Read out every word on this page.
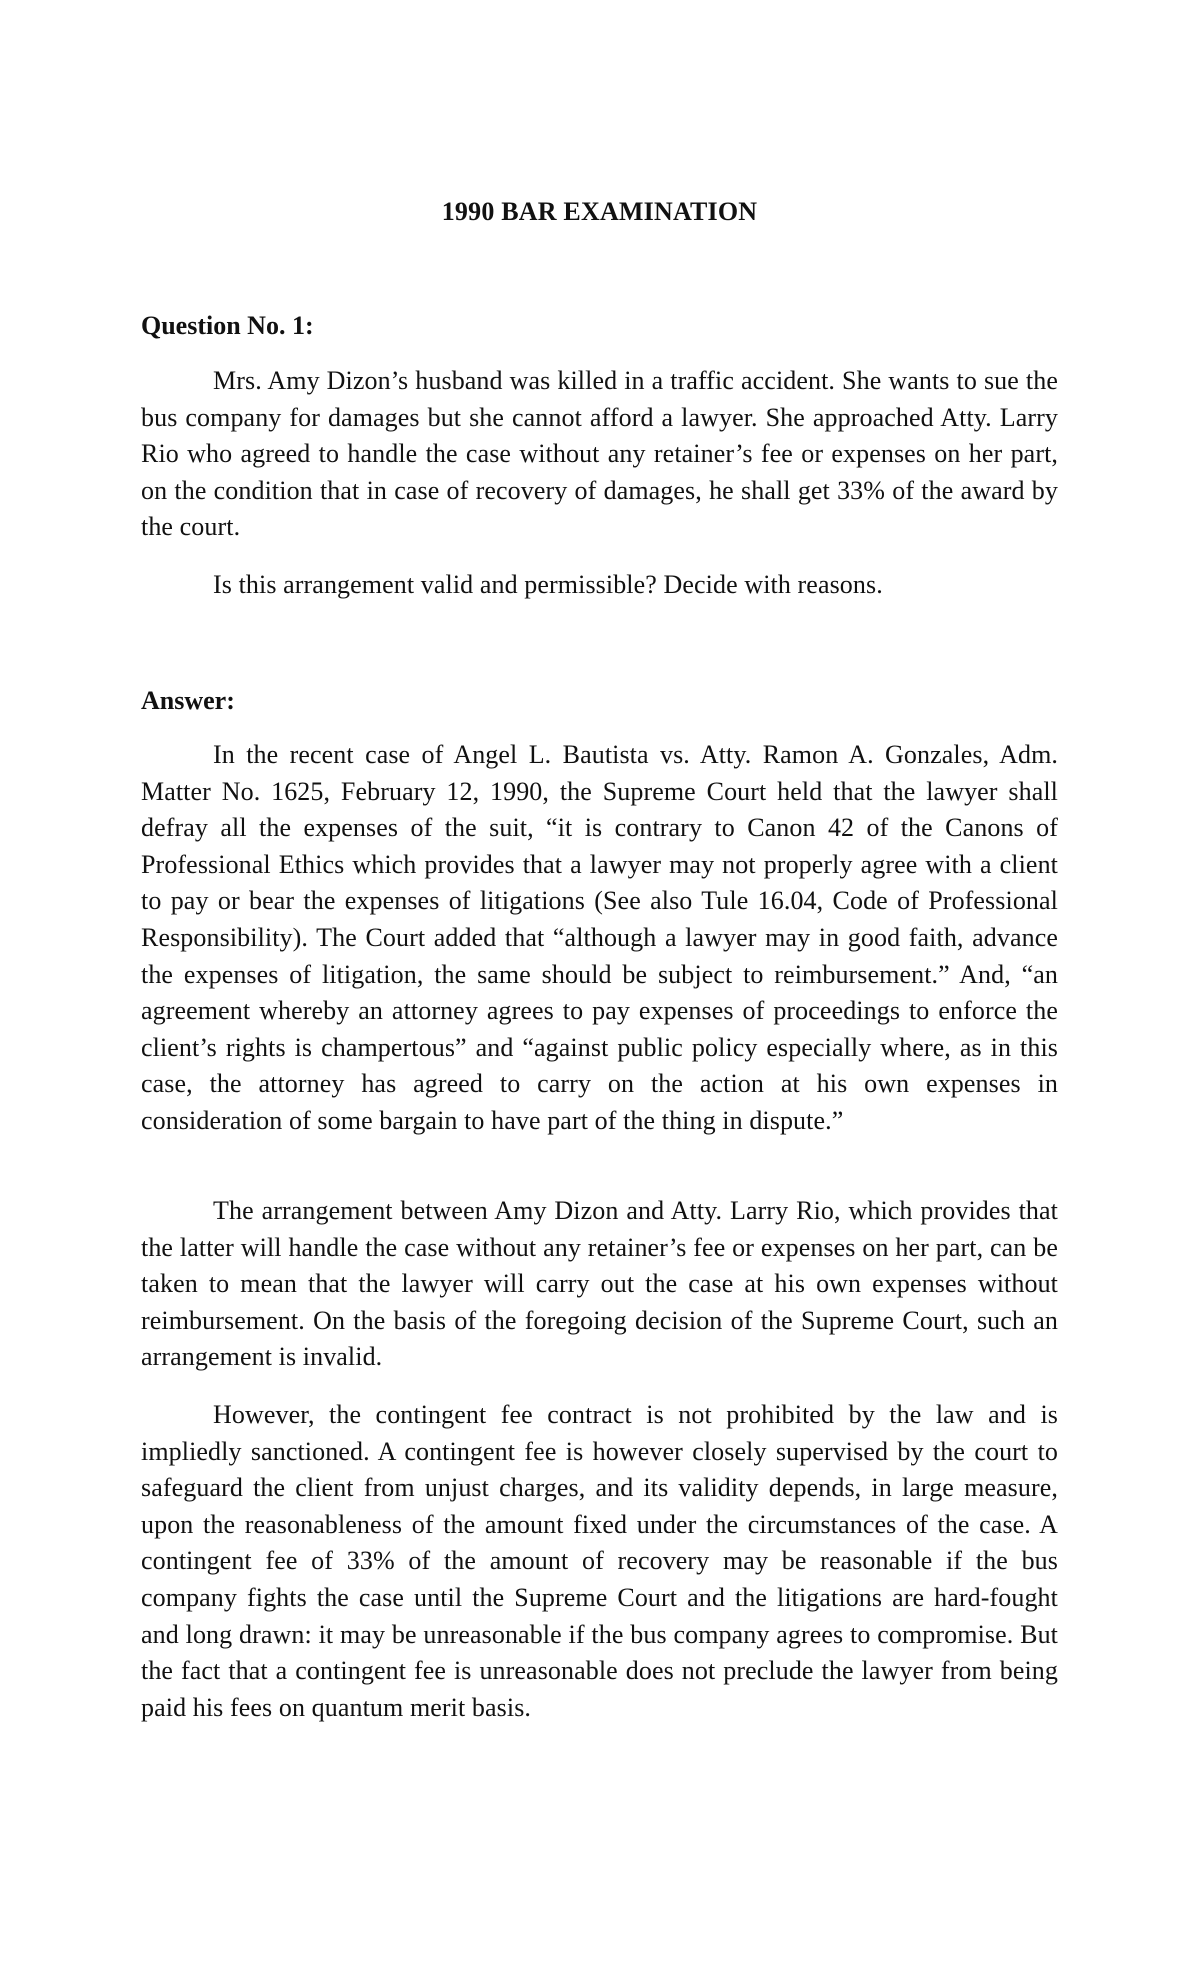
1990 BAR EXAMINATION
Question No. 1:

Mrs. Amy Dizon’s husband was killed in a traffic accident. She wants to sue the bus company for damages but she cannot afford a lawyer. She approached Atty. Larry Rio who agreed to handle the case without any retainer’s fee or expenses on her part, on the condition that in case of recovery of damages, he shall get 33% of the award by the court.

Is this arrangement valid and permissible? Decide with reasons.

Answer:

In the recent case of Angel L. Bautista vs. Atty. Ramon A. Gonzales, Adm. Matter No. 1625, February 12, 1990, the Supreme Court held that the lawyer shall defray all the expenses of the suit, “it is contrary to Canon 42 of the Canons of Professional Ethics which provides that a lawyer may not properly agree with a client to pay or bear the expenses of litigations (See also Tule 16.04, Code of Professional Responsibility). The Court added that “although a lawyer may in good faith, advance the expenses of litigation, the same should be subject to reimbursement.” And, “an agreement whereby an attorney agrees to pay expenses of proceedings to enforce the client’s rights is champertous” and “against public policy especially where, as in this case, the attorney has agreed to carry on the action at his own expenses in consideration of some bargain to have part of the thing in dispute.”

The arrangement between Amy Dizon and Atty. Larry Rio, which provides that the latter will handle the case without any retainer’s fee or expenses on her part, can be taken to mean that the lawyer will carry out the case at his own expenses without reimbursement. On the basis of the foregoing decision of the Supreme Court, such an arrangement is invalid.

However, the contingent fee contract is not prohibited by the law and is impliedly sanctioned. A contingent fee is however closely supervised by the court to safeguard the client from unjust charges, and its validity depends, in large measure, upon the reasonableness of the amount fixed under the circumstances of the case. A contingent fee of 33% of the amount of recovery may be reasonable if the bus company fights the case until the Supreme Court and the litigations are hard-fought and long drawn: it may be unreasonable if the bus company agrees to compromise. But the fact that a contingent fee is unreasonable does not preclude the lawyer from being paid his fees on quantum merit basis.
